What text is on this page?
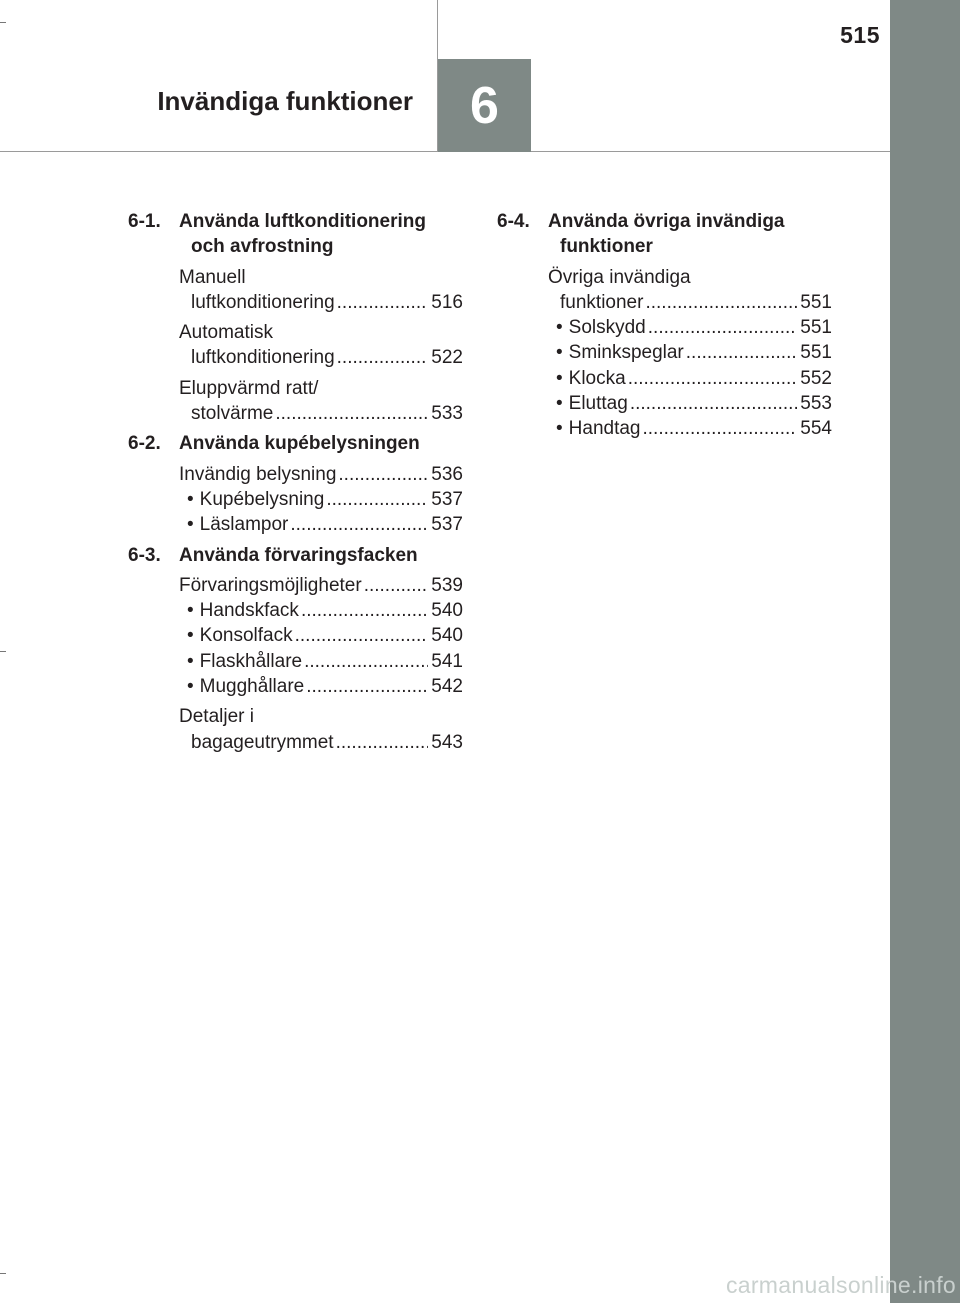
6
515
Invändiga funktioner
6-1. Använda luftkonditionering och avfrostning
Manuell
luftkonditionering .....	516
Automatisk
luftkonditionering .....	522
Eluppvärmd ratt/
stolvärme .....	533
6-2. Använda kupébelysningen
Invändig belysning .....	536
• Kupébelysning .....	537
• Läslampor .....	537
6-3. Använda förvaringsfacken
Förvaringsmöjligheter .....	539
• Handskfack .....	540
• Konsolfack .....	540
• Flaskhållare .....	541
• Mugghållare .....	542
Detaljer i
bagageutrymmet .....	543
6-4. Använda övriga invändiga funktioner
Övriga invändiga
funktioner .....	551
• Solskydd .....	551
• Sminkspeglar .....	551
• Klocka .....	552
• Eluttag .....	553
• Handtag .....	554
carmanualsonline.info
